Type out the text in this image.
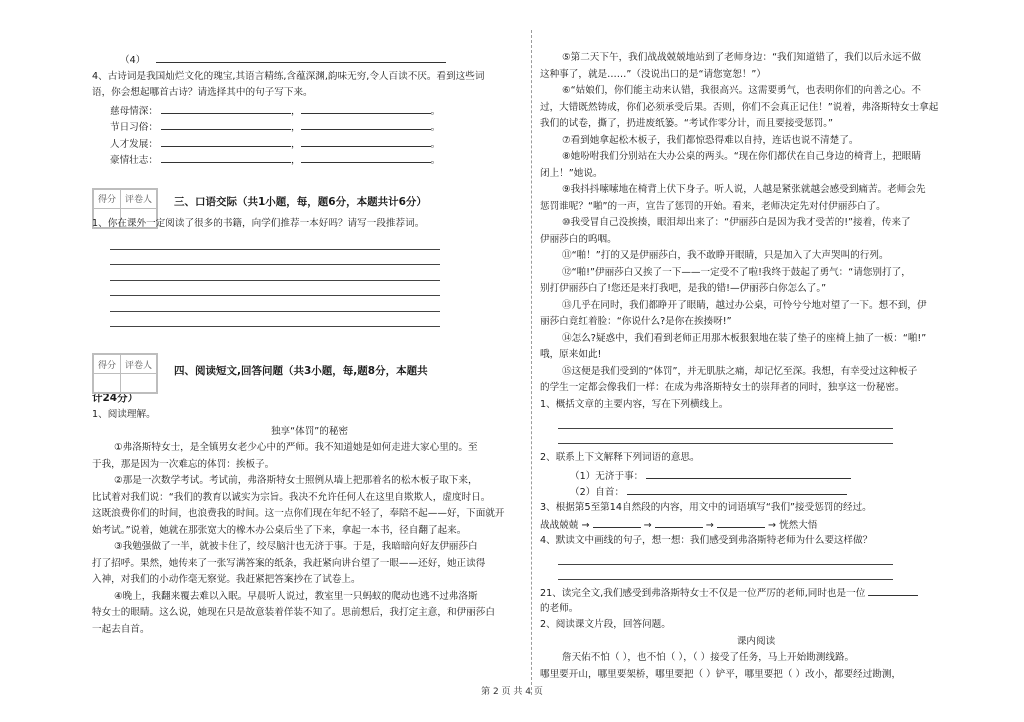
（4）
4、古诗词是我国灿烂文化的瑰宝,其语言精练,含蕴深渊,韵味无穷,令人百读不厌。看到这些词
语，你会想起哪首古诗？请选择其中的句子写下来。
慈母情深：	，	。
节日习俗：	，	。
人才发展：	，	。
豪情壮志：	，	。
得分	评卷人
	三、口语交际（共1小题，每，题6分，本题共计6分）
1、你在课外一定阅读了很多的书籍，向学们推荐一本好吗？请写一段推荐词。
得分	评卷人
	四、阅读短文,回答问题（共3小题，每,题8分，本题共
计24分）
1、阅读理解。
独享“体罚”的秘密
①弗洛斯特女士，是全镇男女老少心中的严师。我不知道她是如何走进大家心里的。至
于我，那是因为一次难忘的体罚：挨板子。
②那是一次数学考试。考试前，弗洛斯特女士照例从墙上把那着名的松木板子取下来，
比试着对我们说：“我们的教育以诚实为宗旨。我决不允许任何人在这里自欺欺人，虚度时日。
这既浪费你们的时间，也浪费我的时间。这一点你们现在年纪不轻了，奉陪不起——好，下面就开
始考试。”说着，她就在那张宽大的橡木办公桌后坐了下来，拿起一本书，径自翻了起来。
③我勉强做了一半，就被卡住了，绞尽脑汁也无济于事。于是，我暗暗向好友伊丽莎白
打了招呼。果然，她传来了一张写满答案的纸条，我赶紧向讲台望了一眼——还好，她正读得
入神，对我们的小动作毫无察觉。我赶紧把答案抄在了试卷上。
④晚上，我翻来覆去难以入眠。早晨听人说过，教室里一只蚂蚁的爬动也逃不过弗洛斯
特女士的眼睛。这么说，她现在只是故意装着佯装不知了。思前想后，我打定主意，和伊丽莎白
一起去自首。
⑤第二天下午，我们战战兢兢地站到了老师身边：“我们知道错了，我们以后永远不做
这种事了，就是……”（没说出口的是“请您宽恕！”）
⑥“姑娘们，你们能主动来认错，我很高兴。这需要勇气，也表明你们的向善之心。不
过，大错既然铸成，你们必须承受后果。否则，你们不会真正记住！”说着，弗洛斯特女士拿起
我们的试卷，撕了，扔进废纸篓。“考试作零分计，而且要接受惩罚。”
⑦看到她拿起松木板子，我们都惊恐得难以自持，连话也说不清楚了。
⑧她吩咐我们分别站在大办公桌的两头。“现在你们都伏在自己身边的椅背上，把眼睛
闭上！”她说。
⑨我抖抖嗦嗦地在椅背上伏下身子。听人说，人越是紧张就越会感受到痛苦。老师会先
惩罚谁呢？“啪”的一声，宣告了惩罚的开始。看来，老师决定先对付伊丽莎白了。
⑩我受冒自己没挨揍，眼泪却出来了：“伊丽莎白是因为我才受苦的!”接着，传来了
伊丽莎白的呜咽。
⑪“啪！”打的又是伊丽莎白，我不敢睁开眼睛，只是加入了大声哭叫的行列。
⑫“啪!”伊丽莎白又挨了一下——一定受不了啦!我终于鼓起了勇气：“请您别打了，
别打伊丽莎白了!您还是来打我吧，是我的错!—伊丽莎白你怎么了。”
⑬几乎在同时，我们都睁开了眼睛，越过办公桌，可怜兮兮地对望了一下。想不到，伊
丽莎白竟红着脸：“你说什么?是你在挨揍呀!”
⑭怎么?疑惑中，我们看到老师正用那木板狠狠地在装了垫子的座椅上抽了一板：“啪!”
哦，原来如此!
⑮这便是我们受到的“体罚”，并无肌肤之痛，却记忆至深。我想，有幸受过这种板子
的学生一定都会像我们一样：在成为弗洛斯特女士的崇拜者的同时，独享这一份秘密。
1、概括文章的主要内容，写在下列横线上。
2、联系上下文解释下列词语的意思。
（1）无济于事：
（2）自首：
3、根据第5至第14自然段的内容，用文中的词语填写“我们”接受惩罚的经过。
战战兢兢 →	→	→	→ 恍然大悟
4、默读文中画线的句子，想一想：我们感受到弗洛斯特老师为什么要这样做？
21、读完全文,我们感受到弗洛斯特女士不仅是一位严厉的老师,同时也是一位
的老师。
2、阅读课文片段，回答问题。
课内阅读
詹天佑不怕（ ），也不怕（ ），（ ）接受了任务，马上开始勘测线路。
哪里要开山，哪里要架桥，哪里要把（ ）铲平，哪里要把（ ）改小，都要经过勘测，
第 2 页 共 4 页
